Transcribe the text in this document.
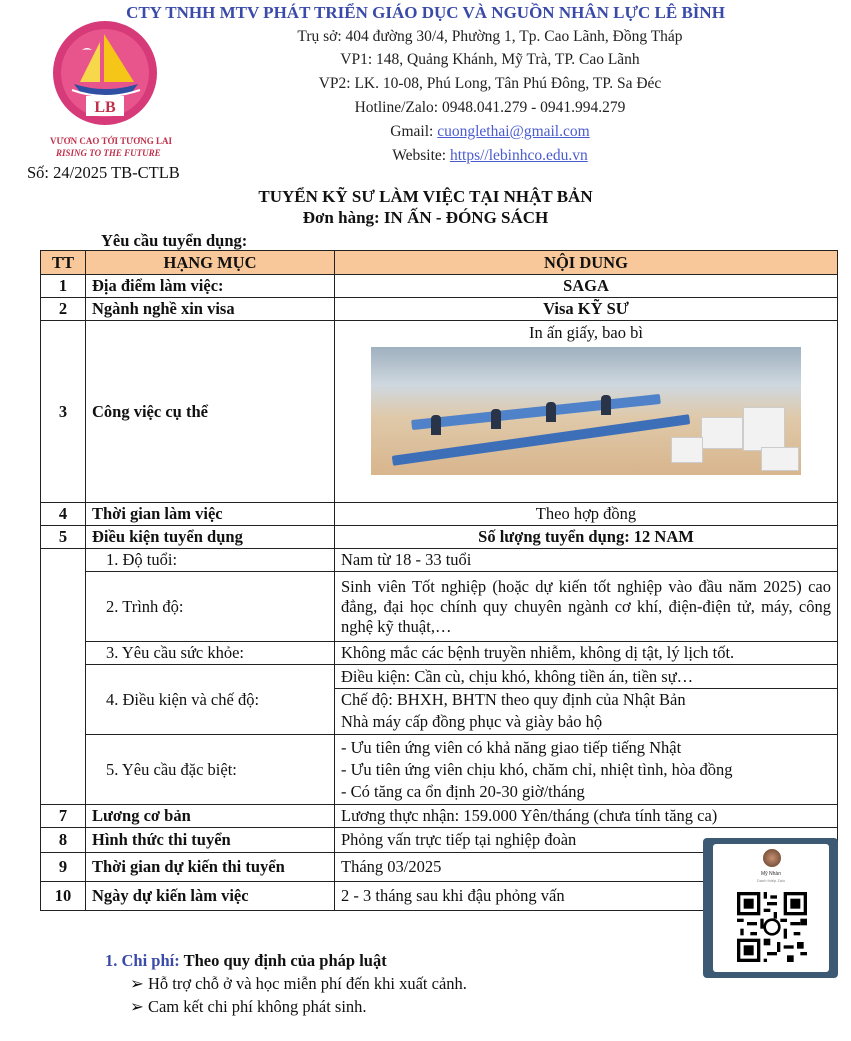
CTY TNHH MTV PHÁT TRIỂN GIÁO DỤC VÀ NGUỒN NHÂN LỰC LÊ BÌNH
LB
VƯƠN CAO TỚI TƯƠNG LAI
RISING TO THE FUTURE
Trụ sở: 404 đường 30/4, Phường 1, Tp. Cao Lãnh, Đồng Tháp
VP1: 148, Quảng Khánh, Mỹ Trà, TP. Cao Lãnh
VP2: LK. 10-08, Phú Long, Tân Phú Đông, TP. Sa Đéc
Hotline/Zalo: 0948.041.279 - 0941.994.279
Gmail: cuonglethai@gmail.com
Website: https//lebinhco.edu.vn
Số: 24/2025 TB-CTLB
TUYỂN KỸ SƯ LÀM VIỆC TẠI NHẬT BẢN
Đơn hàng: IN ẤN - ĐÓNG SÁCH
Yêu cầu tuyển dụng:
TT	HẠNG MỤC	NỘI DUNG
1	Địa điểm làm việc:	SAGA
2	Ngành nghề xin visa	Visa KỸ SƯ
3	Công việc cụ thể	In ấn giấy, bao bì

4	Thời gian làm việc	Theo hợp đồng
5	Điều kiện tuyển dụng	Số lượng tuyển dụng: 12 NAM
	1. Độ tuổi:	Nam từ 18 - 33 tuổi
	2. Trình độ:	Sinh viên Tốt nghiệp (hoặc dự kiến tốt nghiệp vào đầu năm 2025) cao đẳng, đại học chính quy chuyên ngành cơ khí, điện-điện tử, máy, công nghệ kỹ thuật,…
	3. Yêu cầu sức khỏe:	Không mắc các bệnh truyền nhiễm, không dị tật, lý lịch tốt.
	4. Điều kiện và chế độ:	Điều kiện: Cần cù, chịu khó, không tiền án, tiền sự…
Chế độ: BHXH, BHTN theo quy định của Nhật Bản
Nhà máy cấp đồng phục và giày bảo hộ

	5. Yêu cầu đặc biệt:	- Ưu tiên ứng viên có khả năng giao tiếp tiếng Nhật
- Ưu tiên ứng viên chịu khó, chăm chỉ, nhiệt tình, hòa đồng
- Có tăng ca ổn định 20-30 giờ/tháng

7	Lương cơ bản	Lương thực nhận: 159.000 Yên/tháng (chưa tính tăng ca)
8	Hình thức thi tuyển	Phỏng vấn trực tiếp tại nghiệp đoàn
9	Thời gian dự kiến thi tuyển	Tháng 03/2025
10	Ngày dự kiến làm việc	2 - 3 tháng sau khi đậu phỏng vấn
Mỹ Nhàn
Danh thiếp Zalo
1. Chi phí: Theo quy định của pháp luật
➢ Hỗ trợ chỗ ở và học miễn phí đến khi xuất cảnh.
➢ Cam kết chi phí không phát sinh.
